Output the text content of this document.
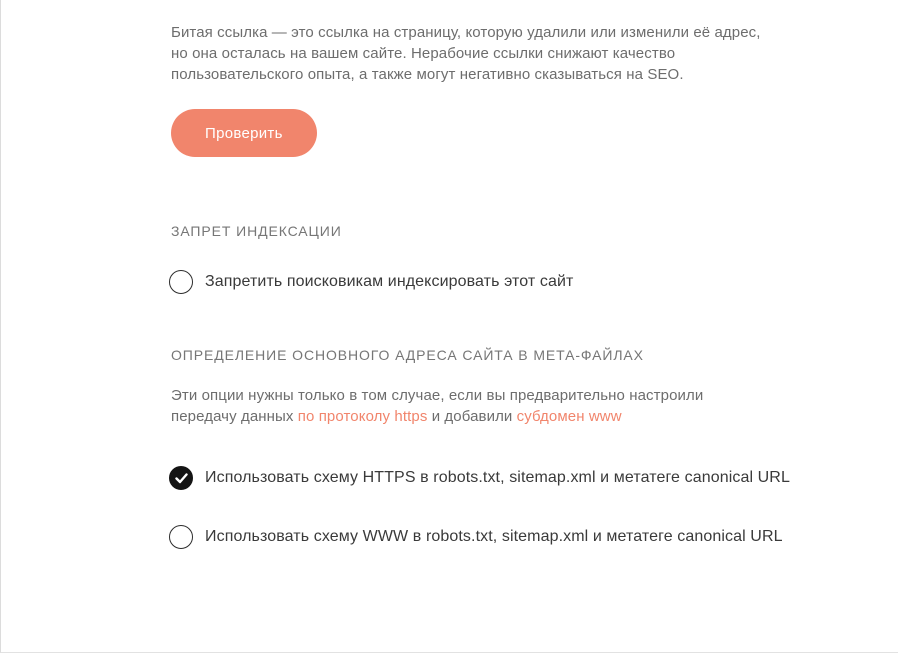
Битая ссылка — это ссылка на страницу, которую удалили или изменили её адрес, но она осталась на вашем сайте. Нерабочие ссылки снижают качество пользовательского опыта, а также могут негативно сказываться на SEO.

Проверить
ЗАПРЕТ ИНДЕКСАЦИИ
Запретить поисковикам индексировать этот сайт
ОПРЕДЕЛЕНИЕ ОСНОВНОГО АДРЕСА САЙТА В МЕТА-ФАЙЛАХ

Эти опции нужны только в том случае, если вы предварительно настроили передачу данных по протоколу https и добавили субдомен www

Использовать схему HTTPS в robots.txt, sitemap.xml и метатеге canonical URL
Использовать схему WWW в robots.txt, sitemap.xml и метатеге canonical URL
